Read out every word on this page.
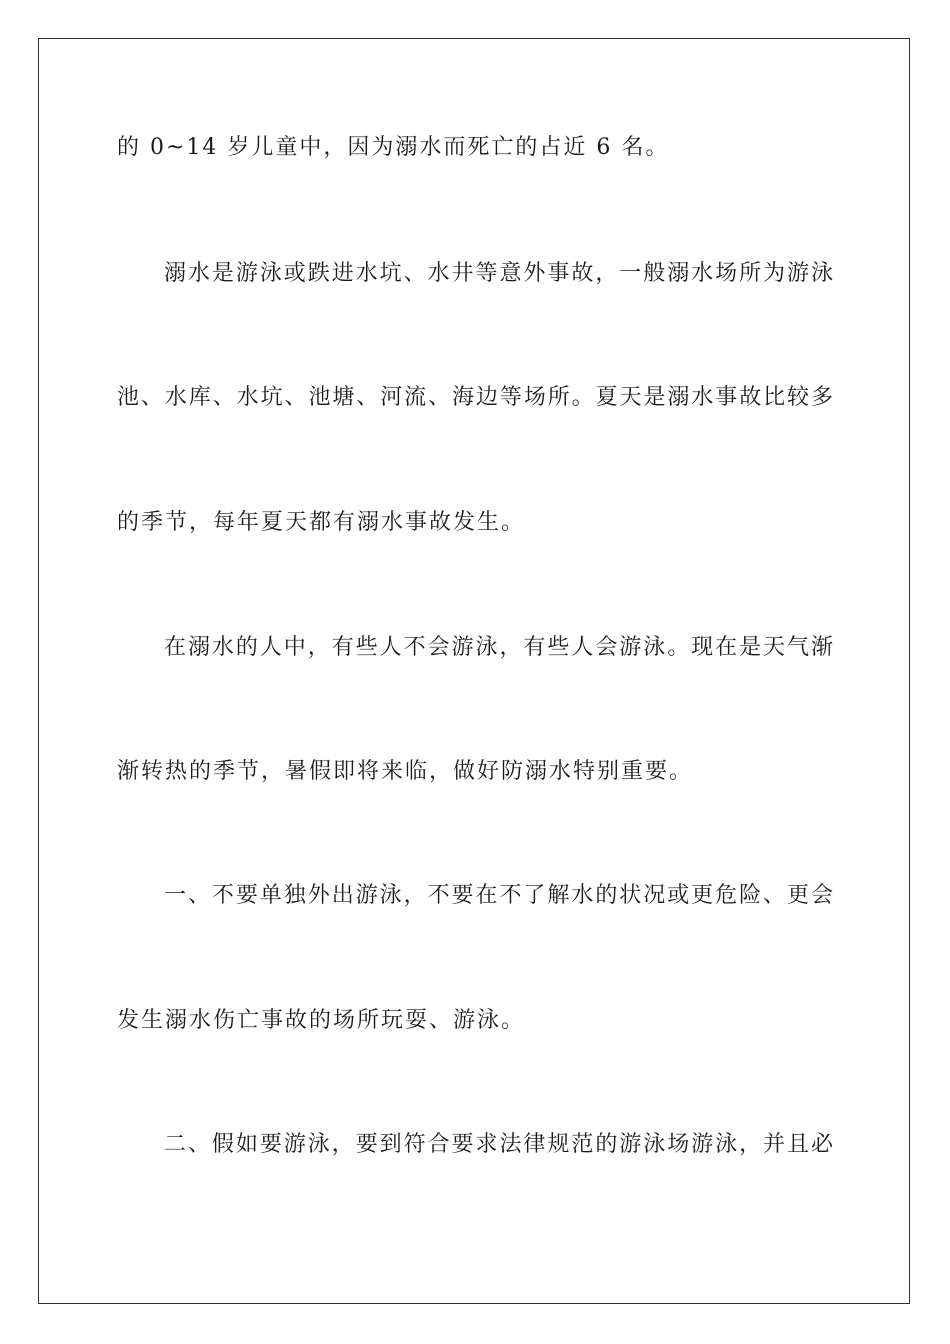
的 0~14 岁儿童中，因为溺水而死亡的占近 6 名。
溺水是游泳或跌进水坑、水井等意外事故，一般溺水场所为游泳
池、水库、水坑、池塘、河流、海边等场所。夏天是溺水事故比较多
的季节，每年夏天都有溺水事故发生。
在溺水的人中，有些人不会游泳，有些人会游泳。现在是天气渐
渐转热的季节，暑假即将来临，做好防溺水特别重要。
一、不要单独外出游泳，不要在不了解水的状况或更危险、更会
发生溺水伤亡事故的场所玩耍、游泳。
二、假如要游泳，要到符合要求法律规范的游泳场游泳，并且必
